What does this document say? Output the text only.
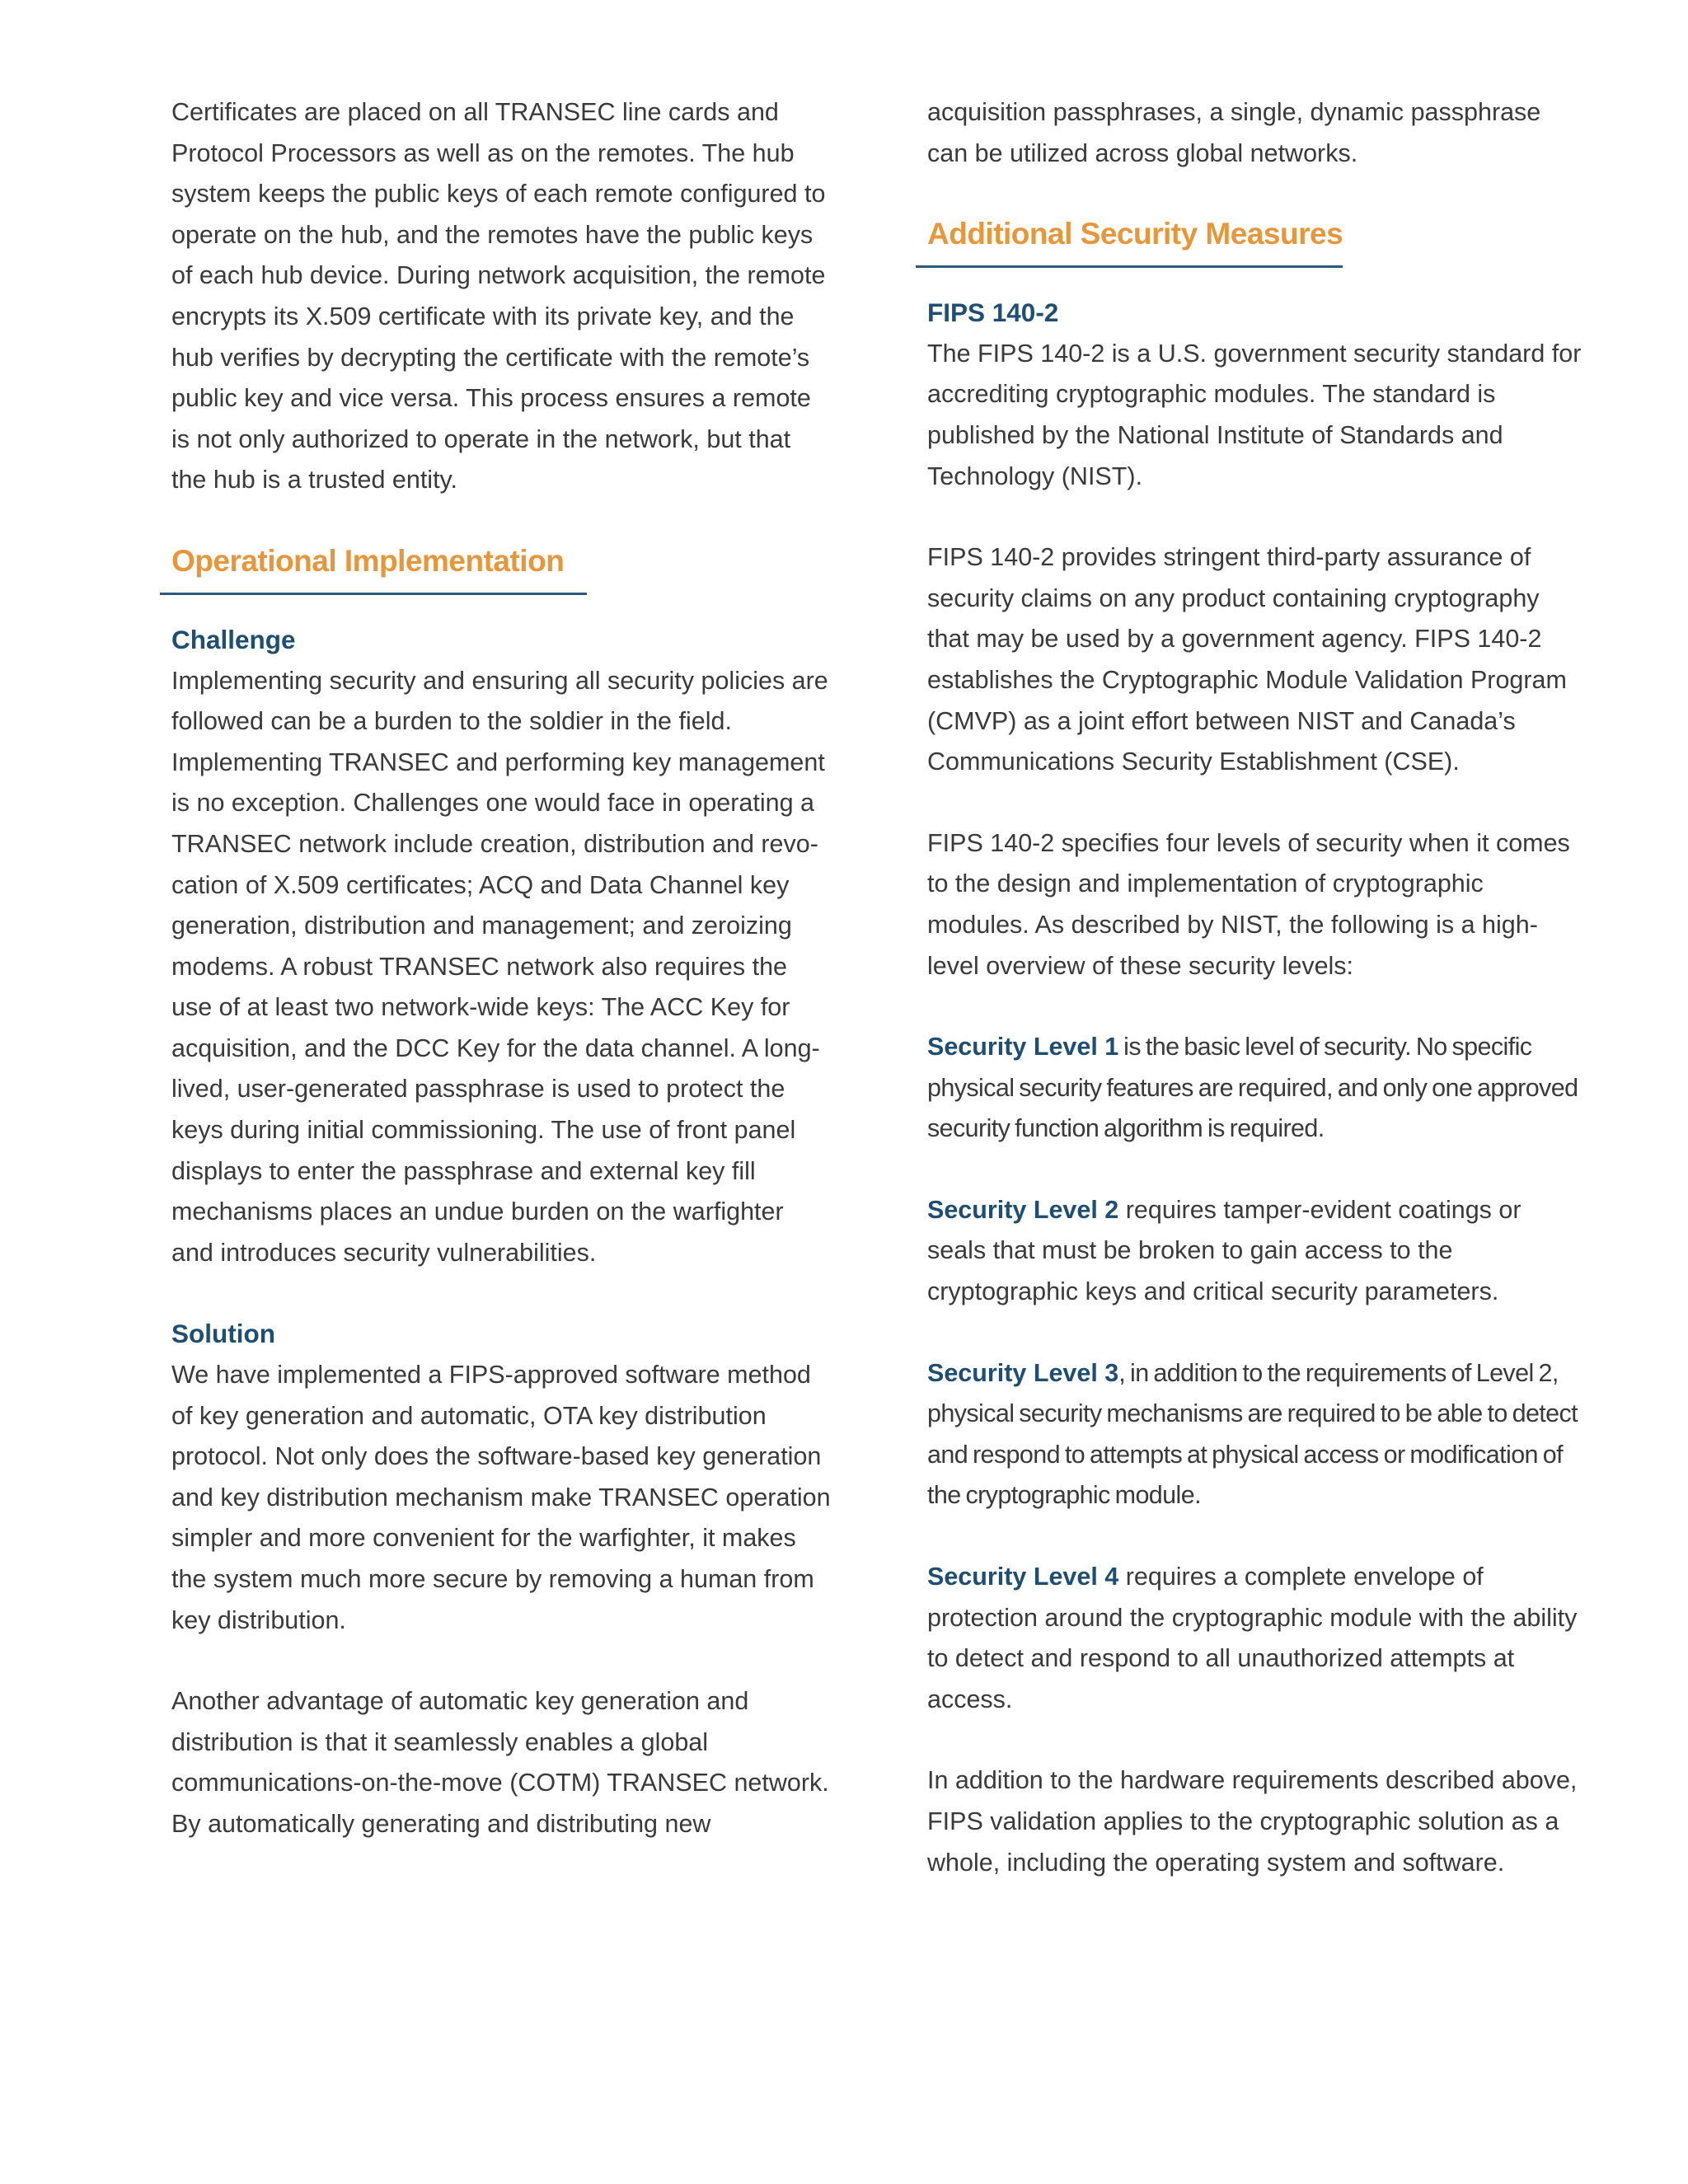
Certificates are placed on all TRANSEC line cards and Protocol Processors as well as on the remotes. The hub system keeps the public keys of each remote configured to operate on the hub, and the remotes have the public keys of each hub device. During network acquisition, the remote encrypts its X.509 certificate with its private key, and the hub verifies by decrypting the certificate with the remote’s public key and vice versa. This process ensures a remote is not only authorized to operate in the network, but that the hub is a trusted entity.

Operational Implementation
Challenge

Implementing security and ensuring all security policies are followed can be a burden to the soldier in the field. Implementing TRANSEC and performing key management is no exception. Challenges one would face in operating a TRANSEC network include creation, distribution and revo-cation of X.509 certificates; ACQ and Data Channel key generation, distribution and management; and zeroizing modems. A robust TRANSEC network also requires the use of at least two network-wide keys: The ACC Key for acquisition, and the DCC Key for the data channel. A long-lived, user-generated passphrase is used to protect the keys during initial commissioning. The use of front panel displays to enter the passphrase and external key fill mechanisms places an undue burden on the warfighter and introduces security vulnerabilities.

Solution

We have implemented a FIPS-approved software method of key generation and automatic, OTA key distribution protocol. Not only does the software-based key generation and key distribution mechanism make TRANSEC operation simpler and more convenient for the warfighter, it makes the system much more secure by removing a human from key distribution.

Another advantage of automatic key generation and distribution is that it seamlessly enables a global communications-on-the-move (COTM) TRANSEC network. By automatically generating and distributing new

acquisition passphrases, a single, dynamic passphrase can be utilized across global networks.

Additional Security Measures
FIPS 140-2

The FIPS 140-2 is a U.S. government security standard for accrediting cryptographic modules. The standard is published by the National Institute of Standards and Technology (NIST).

FIPS 140-2 provides stringent third-party assurance of security claims on any product containing cryptography that may be used by a government agency. FIPS 140-2 establishes the Cryptographic Module Validation Program (CMVP) as a joint effort between NIST and Canada’s Communications Security Establishment (CSE).

FIPS 140-2 specifies four levels of security when it comes to the design and implementation of cryptographic modules. As described by NIST, the following is a high-level overview of these security levels:

Security Level 1 is the basic level of security. No specific physical security features are required, and only one approved security function algorithm is required.

Security Level 2 requires tamper-evident coatings or seals that must be broken to gain access to the cryptographic keys and critical security parameters.

Security Level 3, in addition to the requirements of Level 2, physical security mechanisms are required to be able to detect and respond to attempts at physical access or modification of the cryptographic module.

Security Level 4 requires a complete envelope of protection around the cryptographic module with the ability to detect and respond to all unauthorized attempts at access.

In addition to the hardware requirements described above, FIPS validation applies to the cryptographic solution as a whole, including the operating system and software.
